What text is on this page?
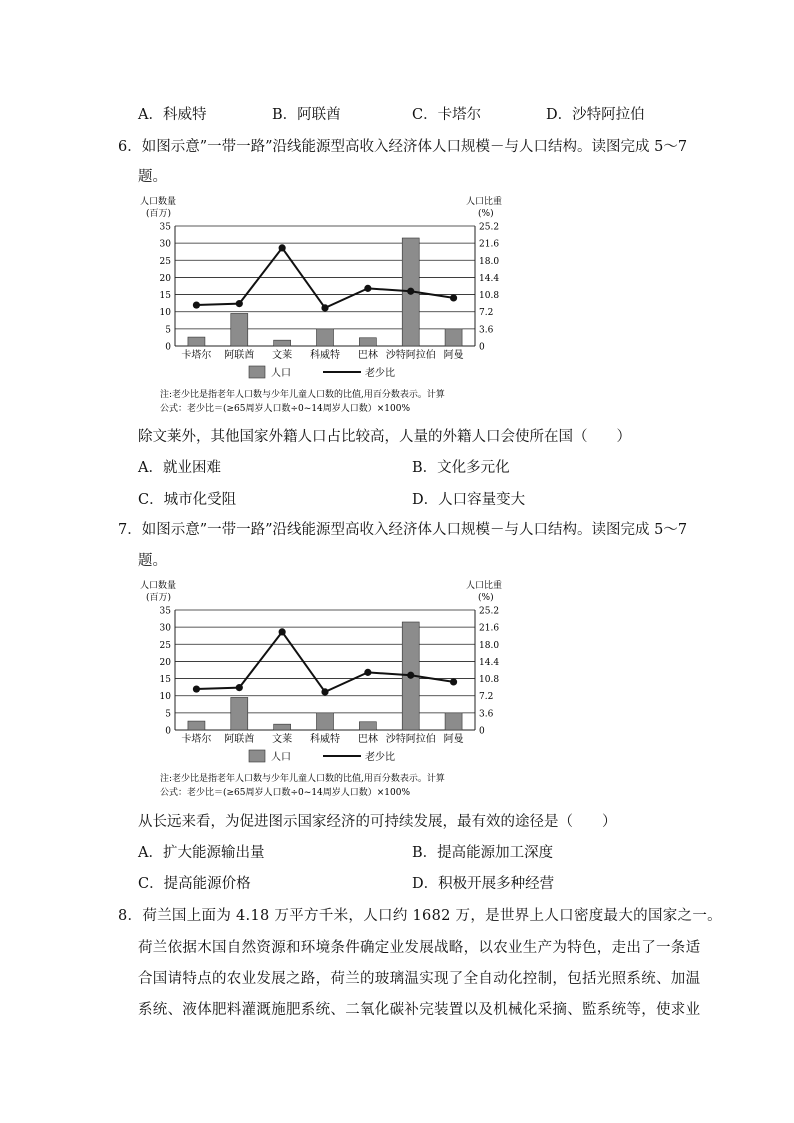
A．科威特	B．阿联酋	C．卡塔尔	D．沙特阿拉伯
6．如图示意”一带一路”沿线能源型高收入经济体人口规模－与人口结构。读图完成 5～7
题。
人口数量
(百万)
人口比重
(%)
0	0
5	3.6
10	7.2
15	10.8
20	14.4
25	18.0
30	21.6
35	25.2
卡塔尔 阿联酋 文莱 科威特 巴林 沙特阿拉伯 阿曼
人口	老少比
注:老少比是指老年人口数与少年儿童人口数的比值,用百分数表示。计算
公式：老少比＝(≥65周岁人口数÷0~14周岁人口数）×100%
除文莱外，其他国家外籍人口占比较高，人量的外籍人口会使所在国（　　）
A．就业困难	B．文化多元化
C．城市化受阻	D．人口容量变大
7．如图示意”一带一路”沿线能源型高收入经济体人口规模－与人口结构。读图完成 5～7
题。
人口数量
(百万)
人口比重
(%)
0	0
5	3.6
10	7.2
15	10.8
20	14.4
25	18.0
30	21.6
35	25.2
卡塔尔 阿联酋 文莱 科威特 巴林 沙特阿拉伯 阿曼
人口	老少比
注:老少比是指老年人口数与少年儿童人口数的比值,用百分数表示。计算
公式：老少比＝(≥65周岁人口数÷0~14周岁人口数）×100%
从长远来看，为促进图示国家经济的可持续发展，最有效的途径是（　　）
A．扩大能源输出量	B．提高能源加工深度
C．提高能源价格	D．积极开展多种经营
8．荷兰国上面为 4.18 万平方千米，人口约 1682 万，是世界上人口密度最大的国家之一。
荷兰依据木国自然资源和环境条件确定业发展战略，以农业生产为特色，走出了一条适
合国请特点的农业发展之路，荷兰的玻璃温实现了全自动化控制，包括光照系统、加温
系统、液体肥料灌溉施肥系统、二氧化碳补完装置以及机械化采摘、監系统等，使求业
